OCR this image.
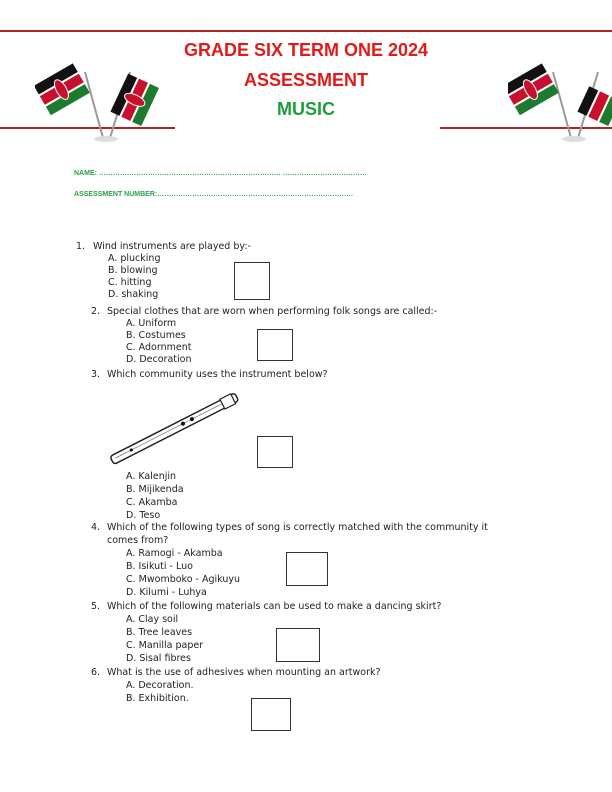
GRADE SIX TERM ONE 2024
ASSESSMENT
MUSIC
NAME: …………………………………………………………………… ………………………………
ASSESSMENT NUMBER:…………………………………………………………………………
1. Wind instruments are played by:-
A. plucking
B. blowing
C. hitting
D. shaking
2. Special clothes that are worn when performing folk songs are called:-
A. Uniform
B. Costumes
C. Adornment
D. Decoration
3. Which community uses the instrument below?
A. Kalenjin
B. Mijikenda
C. Akamba
D. Teso
4. Which of the following types of song is correctly matched with the community it
comes from?
A. Ramogi - Akamba
B. Isikuti - Luo
C. Mwomboko - Agikuyu
D. Kilumi - Luhya
5. Which of the following materials can be used to make a dancing skirt?
A. Clay soil
B. Tree leaves
C. Manilla paper
D. Sisal fibres
6. What is the use of adhesives when mounting an artwork?
A. Decoration.
B. Exhibition.
